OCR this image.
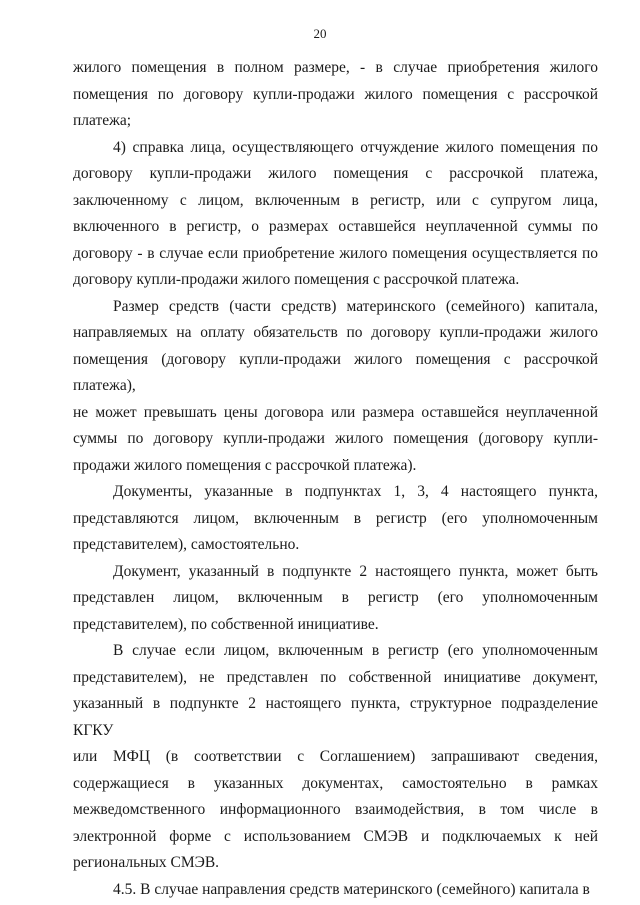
20
жилого помещения в полном размере, - в случае приобретения жилого
помещения по договору купли-продажи жилого помещения с рассрочкой
платежа;
4) справка лица, осуществляющего отчуждение жилого помещения по
договору купли-продажи жилого помещения с рассрочкой платежа,
заключенному с лицом, включенным в регистр, или с супругом лица,
включенного в регистр, о размерах оставшейся неуплаченной суммы по
договору - в случае если приобретение жилого помещения осуществляется по
договору купли-продажи жилого помещения с рассрочкой платежа.
Размер средств (части средств) материнского (семейного) капитала,
направляемых на оплату обязательств по договору купли-продажи жилого
помещения (договору купли-продажи жилого помещения с рассрочкой платежа),
не может превышать цены договора или размера оставшейся неуплаченной
суммы по договору купли-продажи жилого помещения (договору купли-
продажи жилого помещения с рассрочкой платежа).
Документы, указанные в подпунктах 1, 3, 4 настоящего пункта,
представляются лицом, включенным в регистр (его уполномоченным
представителем), самостоятельно.
Документ, указанный в подпункте 2 настоящего пункта, может быть
представлен лицом, включенным в регистр (его уполномоченным
представителем), по собственной инициативе.
В случае если лицом, включенным в регистр (его уполномоченным
представителем), не представлен по собственной инициативе документ,
указанный в подпункте 2 настоящего пункта, структурное подразделение КГКУ
или МФЦ (в соответствии с Соглашением) запрашивают сведения,
содержащиеся в указанных документах, самостоятельно в рамках
межведомственного информационного взаимодействия, в том числе в
электронной форме с использованием СМЭВ и подключаемых к ней
региональных СМЭВ.
4.5. В случае направления средств материнского (семейного) капитала в
